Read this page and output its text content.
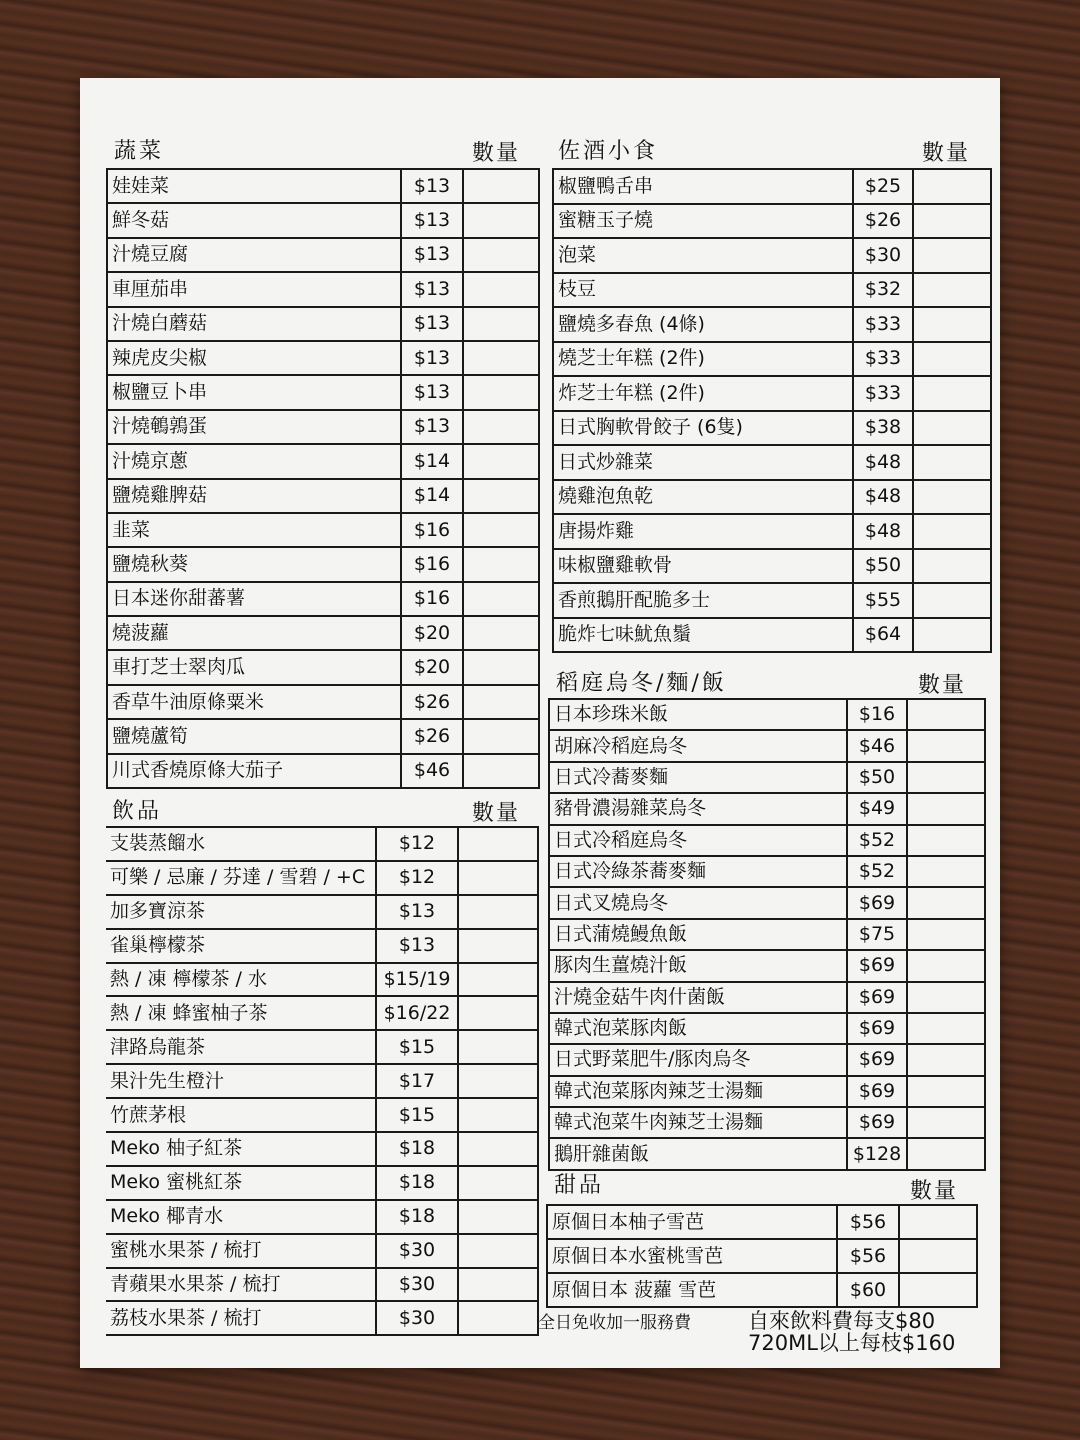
蔬菜	數量
娃娃菜	$13	
鮮冬菇	$13	
汁燒豆腐	$13	
車厘茄串	$13	
汁燒白蘑菇	$13	
辣虎皮尖椒	$13	
椒鹽豆卜串	$13	
汁燒鵪鶉蛋	$13	
汁燒京蔥	$14	
鹽燒雞脾菇	$14	
韭菜	$16	
鹽燒秋葵	$16	
日本迷你甜蕃薯	$16	
燒菠蘿	$20	
車打芝士翠肉瓜	$20	
香草牛油原條粟米	$26	
鹽燒蘆筍	$26	
川式香燒原條大茄子	$46	
飲品	數量
支裝蒸餾水	$12	
可樂 / 忌廉 / 芬達 / 雪碧 / +C	$12	
加多寶涼茶	$13	
雀巢檸檬茶	$13	
熱 / 凍 檸檬茶 / 水	$15/19	
熱 / 凍 蜂蜜柚子茶	$16/22	
津路烏龍茶	$15	
果汁先生橙汁	$17	
竹蔗茅根	$15	
Meko 柚子紅茶	$18	
Meko 蜜桃紅茶	$18	
Meko 椰青水	$18	
蜜桃水果茶 / 梳打	$30	
青蘋果水果茶 / 梳打	$30	
荔枝水果茶 / 梳打	$30	
佐酒小食	數量
椒鹽鴨舌串	$25	
蜜糖玉子燒	$26	
泡菜	$30	
枝豆	$32	
鹽燒多春魚 (4條)	$33	
燒芝士年糕 (2件)	$33	
炸芝士年糕 (2件)	$33	
日式胸軟骨餃子 (6隻)	$38	
日式炒雜菜	$48	
燒雞泡魚乾	$48	
唐揚炸雞	$48	
味椒鹽雞軟骨	$50	
香煎鵝肝配脆多士	$55	
脆炸七味魷魚鬚	$64	
稻庭烏冬/麵/飯	數量
日本珍珠米飯	$16	
胡麻冷稻庭烏冬	$46	
日式冷蕎麥麵	$50	
豬骨濃湯雜菜烏冬	$49	
日式冷稻庭烏冬	$52	
日式冷綠茶蕎麥麵	$52	
日式叉燒烏冬	$69	
日式蒲燒鰻魚飯	$75	
豚肉生薑燒汁飯	$69	
汁燒金菇牛肉什菌飯	$69	
韓式泡菜豚肉飯	$69	
日式野菜肥牛/豚肉烏冬	$69	
韓式泡菜豚肉辣芝士湯麵	$69	
韓式泡菜牛肉辣芝士湯麵	$69	
鵝肝雜菌飯	$128	
甜品	數量
原個日本柚子雪芭	$56	
原個日本水蜜桃雪芭	$56	
原個日本 菠蘿 雪芭	$60	
全日免收加一服務費	自來飲料費每支$80
720ML以上每枝$160
